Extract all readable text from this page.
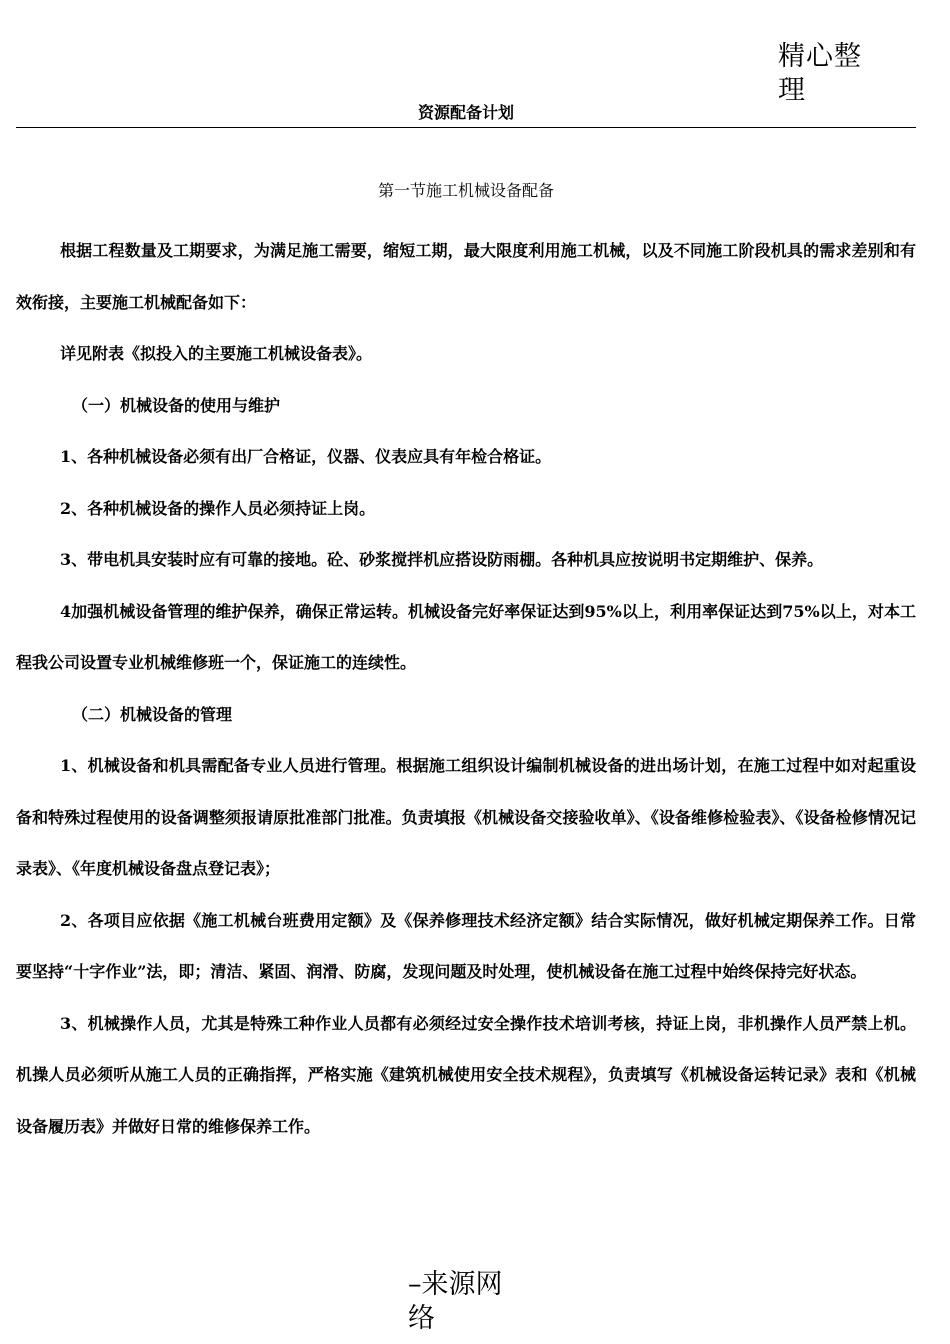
精心整理
资源配备计划
第一节施工机械设备配备

根据工程数量及工期要求，为满足施工需要，缩短工期，最大限度利用施工机械，以及不同施工阶段机具的需求差别和有效衔接，主要施工机械配备如下：

详见附表《拟投入的主要施工机械设备表》。

（一）机械设备的使用与维护

1、各种机械设备必须有出厂合格证，仪器、仪表应具有年检合格证。

2、各种机械设备的操作人员必须持证上岗。

3、带电机具安装时应有可靠的接地。砼、砂浆搅拌机应搭设防雨棚。各种机具应按说明书定期维护、保养。

4加强机械设备管理的维护保养，确保正常运转。机械设备完好率保证达到95%以上，利用率保证达到75%以上，对本工程我公司设置专业机械维修班一个，保证施工的连续性。

（二）机械设备的管理

1、机械设备和机具需配备专业人员进行管理。根据施工组织设计编制机械设备的进出场计划，在施工过程中如对起重设备和特殊过程使用的设备调整须报请原批准部门批准。负责填报《机械设备交接验收单》、《设备维修检验表》、《设备检修情况记录表》、《年度机械设备盘点登记表》；

2、各项目应依据《施工机械台班费用定额》及《保养修理技术经济定额》结合实际情况，做好机械定期保养工作。日常要坚持“十字作业”法，即；清洁、紧固、润滑、防腐，发现问题及时处理，使机械设备在施工过程中始终保持完好状态。

3、机械操作人员，尤其是特殊工种作业人员都有必须经过安全操作技术培训考核，持证上岗，非机操作人员严禁上机。机操人员必须听从施工人员的正确指挥，严格实施《建筑机械使用安全技术规程》，负责填写《机械设备运转记录》表和《机械设备履历表》并做好日常的维修保养工作。

–来源网络
